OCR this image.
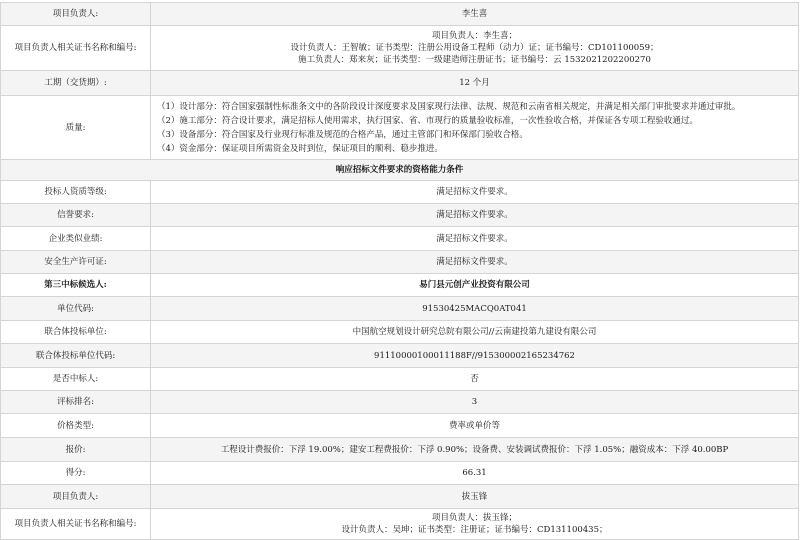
项目负责人:	李生喜
项目负责人相关证书名称和编号:	项目负责人：李生喜；
设计负责人：王智敏；证书类型：注册公用设备工程师（动力）证；证书编号：CD101100059；
施工负责人：郑来灰；证书类型：一级建造师注册证书；证书编号：云 1532021202200270

工期（交货期）:	12 个月
质量:	（1）设计部分：符合国家强制性标准条文中的各阶段设计深度要求及国家现行法律、法规、规范和云南省相关规定，并满足相关部门审批要求并通过审批。
（2）施工部分：符合设计要求，满足招标人使用需求，执行国家、省、市现行的质量验收标准，一次性验收合格，并保证各专项工程验收通过。
（3）设备部分：符合国家及行业现行标准及规范的合格产品，通过主管部门和环保部门验收合格。
（4）资金部分：保证项目所需资金及时到位，保证项目的顺利、稳步推进。

响应招标文件要求的资格能力条件	
投标人资质等级:	满足招标文件要求。
信誉要求:	满足招标文件要求。
企业类似业绩:	满足招标文件要求。
安全生产许可证:	满足招标文件要求。
第三中标候选人:	易门县元创产业投资有限公司
单位代码:	91530425MACQ0AT041
联合体投标单位:	中国航空规划设计研究总院有限公司//云南建投第九建设有限公司
联合体投标单位代码:	91110000100011188F//915300002165234762
是否中标人:	否
评标排名:	3
价格类型:	费率或单价等
报价:	工程设计费报价：下浮 19.00%；建安工程费报价：下浮 0.90%；设备费、安装调试费报价：下浮 1.05%；融资成本：下浮 40.00BP
得分:	66.31
项目负责人:	拔玉锋
项目负责人相关证书名称和编号:	项目负责人：拔玉锋；
设计负责人：吴坤；证书类型：注册证；证书编号：CD131100435；
